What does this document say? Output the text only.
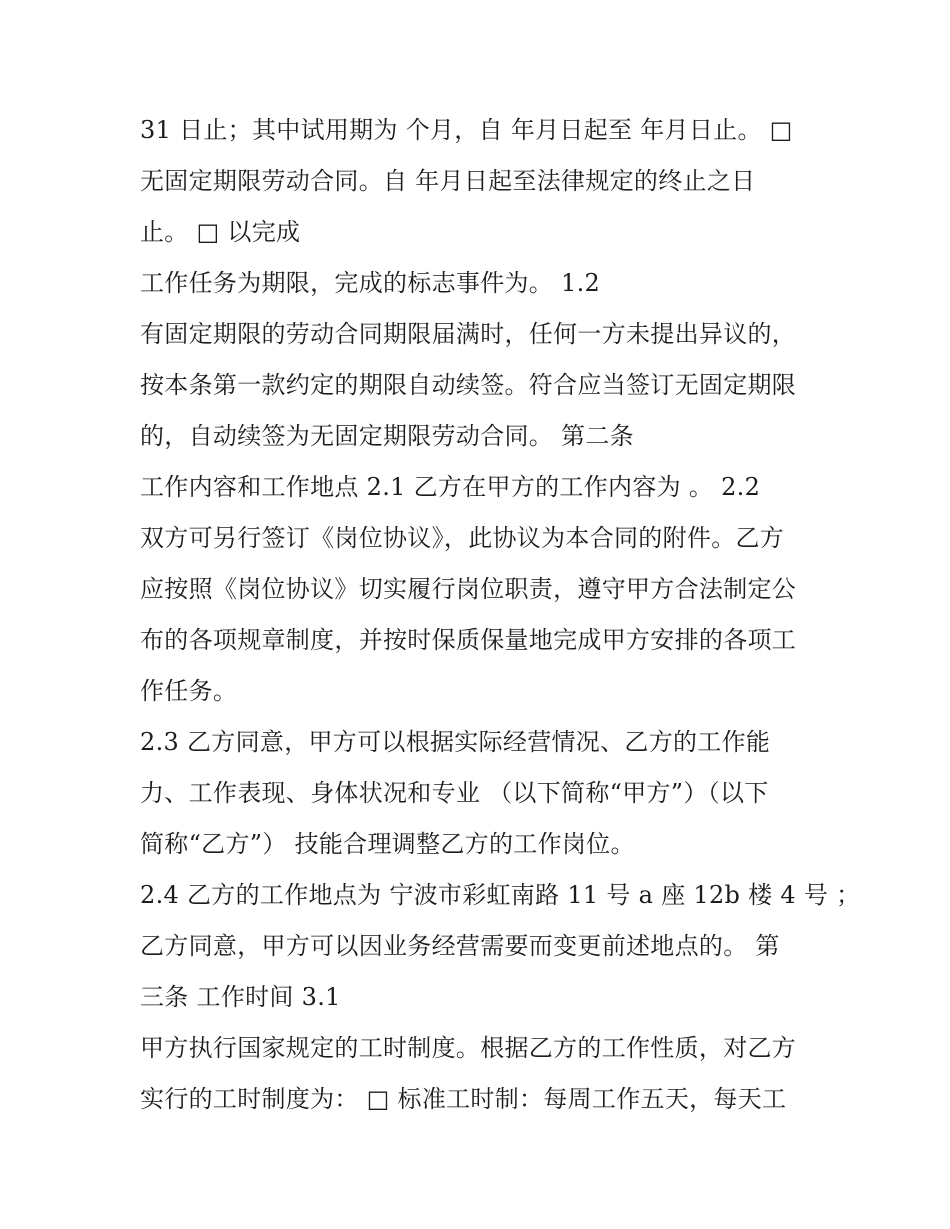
31 日止；其中试用期为 个月，自 年月日起至 年月日止。 □
无固定期限劳动合同。自 年月日起至法律规定的终止之日
止。 □ 以完成
工作任务为期限，完成的标志事件为。 1.2
有固定期限的劳动合同期限届满时，任何一方未提出异议的，
按本条第一款约定的期限自动续签。符合应当签订无固定期限
的，自动续签为无固定期限劳动合同。 第二条
工作内容和工作地点 2.1 乙方在甲方的工作内容为 。 2.2
双方可另行签订《岗位协议》，此协议为本合同的附件。乙方
应按照《岗位协议》切实履行岗位职责，遵守甲方合法制定公
布的各项规章制度，并按时保质保量地完成甲方安排的各项工
作任务。
2.3 乙方同意，甲方可以根据实际经营情况、乙方的工作能
力、工作表现、身体状况和专业 （以下简称“甲方”）（以下
简称“乙方”） 技能合理调整乙方的工作岗位。
2.4 乙方的工作地点为 宁波市彩虹南路 11 号 a 座 12b 楼 4 号 ；
乙方同意，甲方可以因业务经营需要而变更前述地点的。 第
三条 工作时间 3.1
甲方执行国家规定的工时制度。根据乙方的工作性质，对乙方
实行的工时制度为： □ 标准工时制：每周工作五天，每天工
